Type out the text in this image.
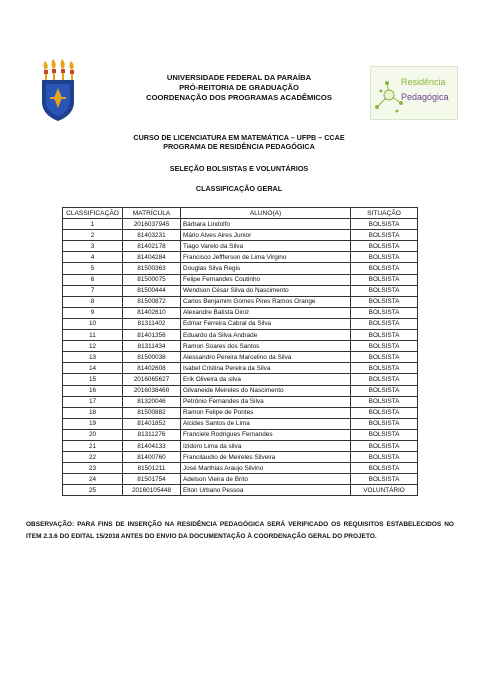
UNIVERSIDADE FEDERAL DA PARAÍBA
PRÓ-REITORIA DE GRADUAÇÃO
COORDENAÇÃO DOS PROGRAMAS ACADÊMICOS
Residência
Pedagógica
CURSO DE LICENCIATURA EM MATEMÁTICA – UFPB – CCAE
PROGRAMA DE RESIDÊNCIA PEDAGÓGICA
SELEÇÃO BOLSISTAS E VOLUNTÁRIOS
CLASSIFICAÇÃO GERAL
CLASSIFICAÇÃO	MATRÍCULA	ALUNO(A)	SITUAÇÃO
1	2016037945	Bárbara Lindolfo	BOLSISTA
2	81403231	Mário Alves Aires Junior	BOLSISTA
3	81402178	Tiago Varelo da Silva	BOLSISTA
4	81404284	Francisco Jeffferson de Lima Virgino	BOLSISTA
5	81500363	Douglas Silva Regis	BOLSISTA
6	81500075	Felipe Fernandes Coutinho	BOLSISTA
7	81500444	Wendson César Silva do Nascimento	BOLSISTA
8	81500872	Carlos Benjamim Gomes Pires Ramos Orange	BOLSISTA
9	81402610	Alexandre Batista Diniz	BOLSISTA
10	81311402	Edmar Ferreira Cabral da Silva	BOLSISTA
11	81401356	Eduardo da Silva Andrade	BOLSISTA
12	81311434	Ramon Soares dos Santos	BOLSISTA
13	81500038	Alessandro Pereira Marcelino da Silva	BOLSISTA
14	81402608	Isabel Cristina Pereira da Silva	BOLSISTA
15	2016065627	Erik Oliveira da silva	BOLSISTA
16	2016038460	Gilvaneide Meireles do Nascimento	BOLSISTA
17	81320046	Petrônio Fernandes da Silva	BOLSISTA
18	81500882	Ramon Felipe de Pontes	BOLSISTA
19	81401852	Alcides Santos de Lima	BOLSISTA
20	81311276	Franciele Rodrigues Fernandes	BOLSISTA
21	81404133	Izidoro Lima da silva	BOLSISTA
22	81400760	Francilaudio de Meireles Silveira	BOLSISTA
23	81501211	José Marthias Araujo Silvino	BOLSISTA
24	81501754	Adelson Vieira de Brito	BOLSISTA
25	20160105448	Elton Urbano Pessoa	VOLUNTÁRIO
OBSERVAÇÃO: PARA FINS DE INSERÇÃO NA RESIDÊNCIA PEDAGÓGICA SERÁ VERIFICADO OS REQUISITOS ESTABELECIDOS NO ITEM 2.3.6 DO EDITAL 15/2018 ANTES DO ENVIO DA DOCUMENTAÇÃO À COORDENAÇÃO GERAL DO PROJETO.
